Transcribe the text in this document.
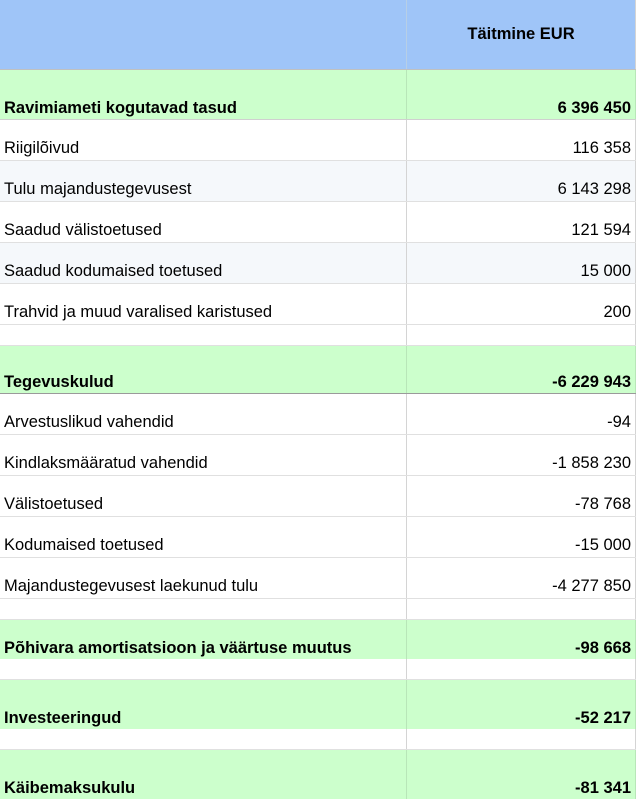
	Täitmine EUR
Ravimiameti kogutavad tasud	6 396 450
Riigilõivud	116 358
Tulu majandustegevusest	6 143 298
Saadud välistoetused	121 594
Saadud kodumaised toetused	15 000
Trahvid ja muud varalised karistused	200

Tegevuskulud	-6 229 943
Arvestuslikud vahendid	-94
Kindlaksmääratud vahendid	-1 858 230
Välistoetused	-78 768
Kodumaised toetused	-15 000
Majandustegevusest laekunud tulu	-4 277 850

Põhivara amortisatsioon ja väärtuse muutus	-98 668

Investeeringud	-52 217

Käibemaksukulu	-81 341
